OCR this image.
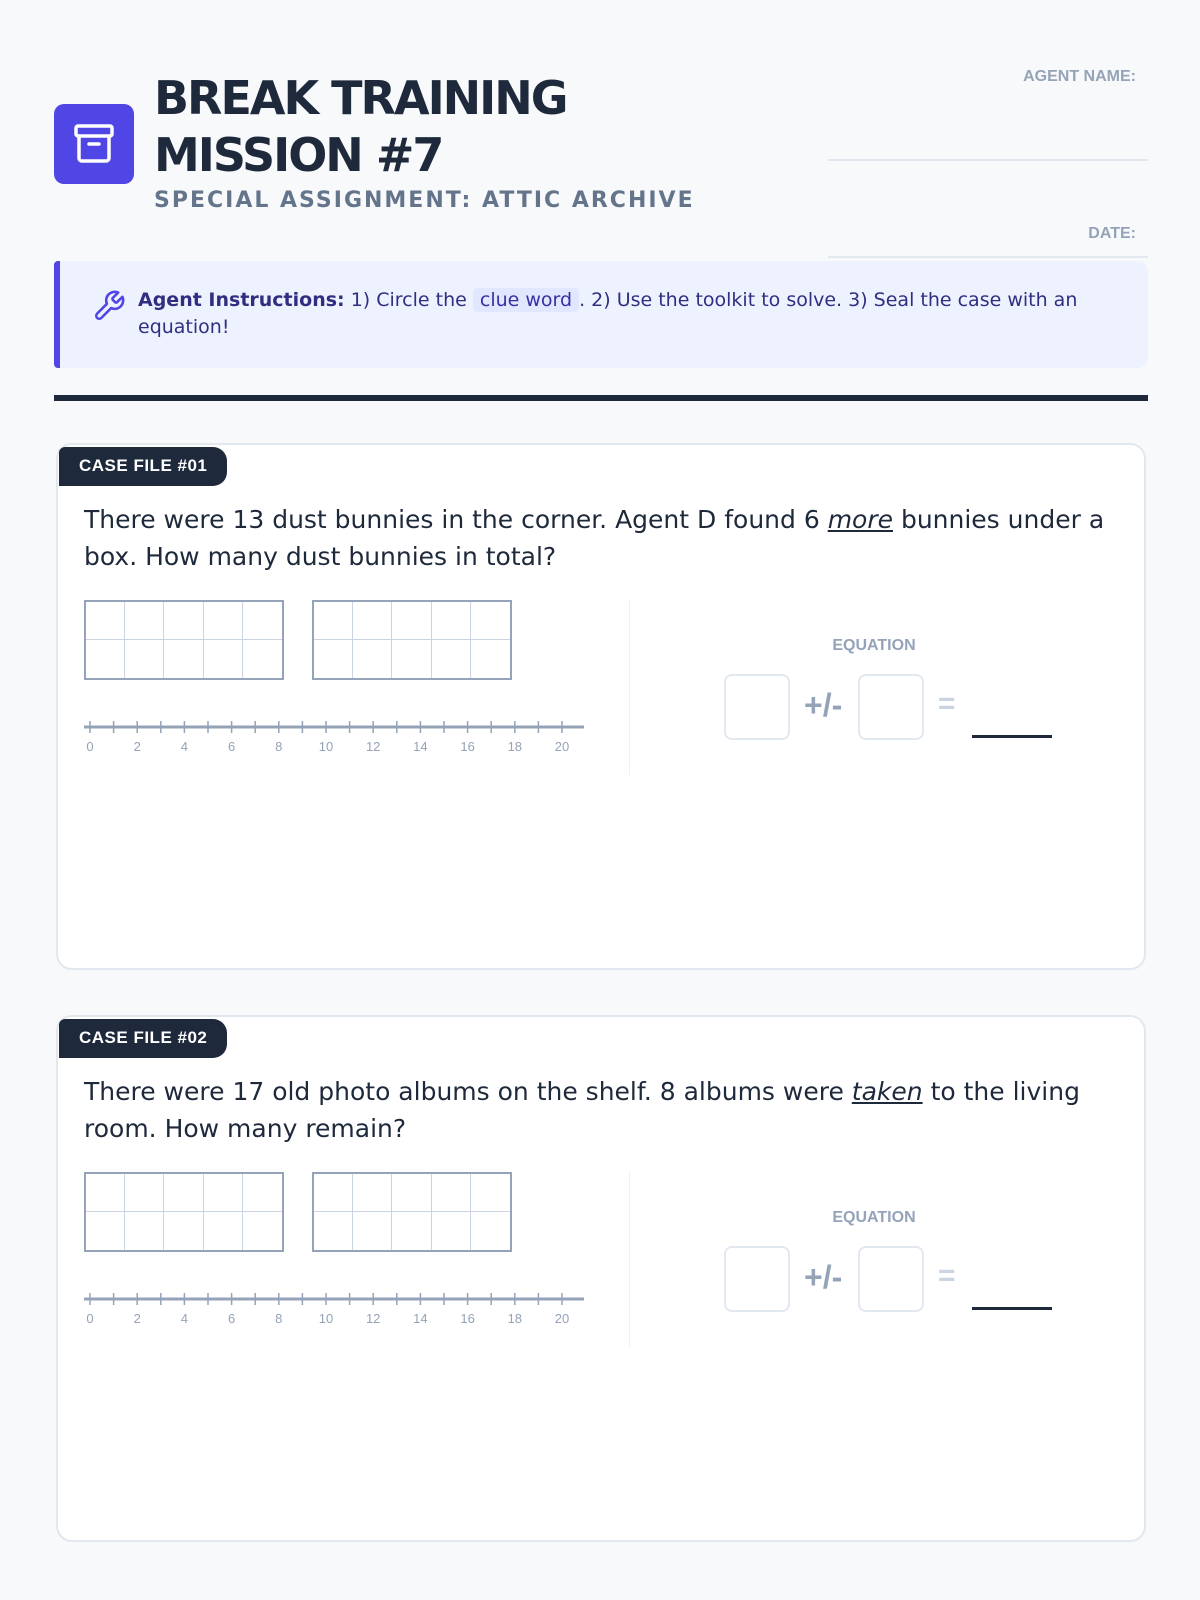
BREAK TRAINING
MISSION #7
SPECIAL ASSIGNMENT: ATTIC ARCHIVE
AGENT NAME:
DATE:
Agent Instructions: 1) Circle the clue word . 2) Use the toolkit to solve. 3) Seal the case with an equation!
CASE FILE #01
There were 13 dust bunnies in the corner. Agent D found 6 more bunnies under a box. How many dust bunnies in total?
0	2	4	6	8	10	12	14	16	18	20
EQUATION
+/-	=
CASE FILE #02
There were 17 old photo albums on the shelf. 8 albums were taken to the living room. How many remain?
0	2	4	6	8	10	12	14	16	18	20
EQUATION
+/-	=
